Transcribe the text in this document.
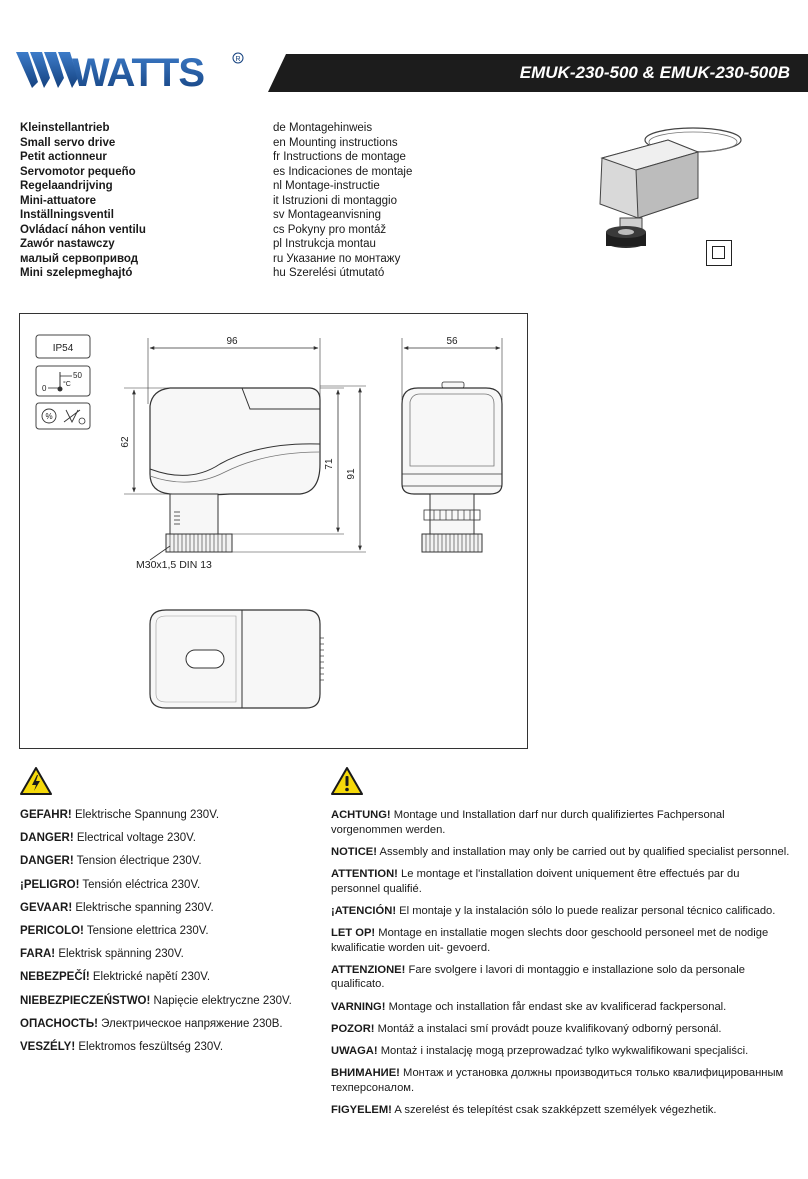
WATTS	R
EMUK-230-500 & EMUK-230-500B
Kleinstellantrieb
Small servo drive
Petit actionneur
Servomotor pequeño
Regelaandrijving
Mini-attuatore
Inställningsventil
Ovládací náhon ventilu
Zawór nastawczy
малый сервопривод
Mini szelepmeghajtó
de Montagehinweis
en Mounting instructions
fr Instructions de montage
es Indicaciones de montaje
nl Montage-instructie
it Istruzioni di montaggio
sv Montageanvisning
cs Pokyny pro montáž
pl Instrukcja montau
ru Указание по монтажу
hu Szerelési útmutató
IP54
50
0 °C
%
M30x1,5 DIN 13
96
62
71
91
56

GEFAHR! Elektrische Spannung 230V.

DANGER! Electrical voltage 230V.

DANGER! Tension électrique 230V.

¡PELIGRO! Tensión eléctrica 230V.

GEVAAR! Elektrische spanning 230V.

PERICOLO! Tensione elettrica 230V.

FARA! Elektrisk spänning 230V.

NEBEZPEČÍ! Elektrické napětí 230V.

NIEBEZPIECZEŃSTWO! Napięcie elektryczne 230V.

ОПАСНОСТЬ! Электрическое напряжение 230В.

VESZÉLY! Elektromos feszültség 230V.

ACHTUNG! Montage und Installation darf nur durch qualifiziertes Fachpersonal vorgenommen werden.

NOTICE! Assembly and installation may only be carried out by qualified specialist personnel.

ATTENTION! Le montage et l'installation doivent uniquement être effectués par du personnel qualifié.

¡ATENCIÓN! El montaje y la instalación sólo lo puede realizar personal técnico calificado.

LET OP! Montage en installatie mogen slechts door geschoold personeel met de nodige kwalificatie worden uit- gevoerd.

ATTENZIONE! Fare svolgere i lavori di montaggio e installazione solo da personale qualificato.

VARNING! Montage och installation får endast ske av kvalificerad fackpersonal.

POZOR! Montáž a instalaci smí provádt pouze kvalifikovaný odborný personál.

UWAGA! Montaż i instalację mogą przeprowadzać tylko wykwalifikowani specjaliści.

ВНИМАНИЕ! Монтаж и установка должны производиться только квалифицированным техперсоналом.

FIGYELEM! A szerelést és telepítést csak szakképzett személyek végezhetik.
